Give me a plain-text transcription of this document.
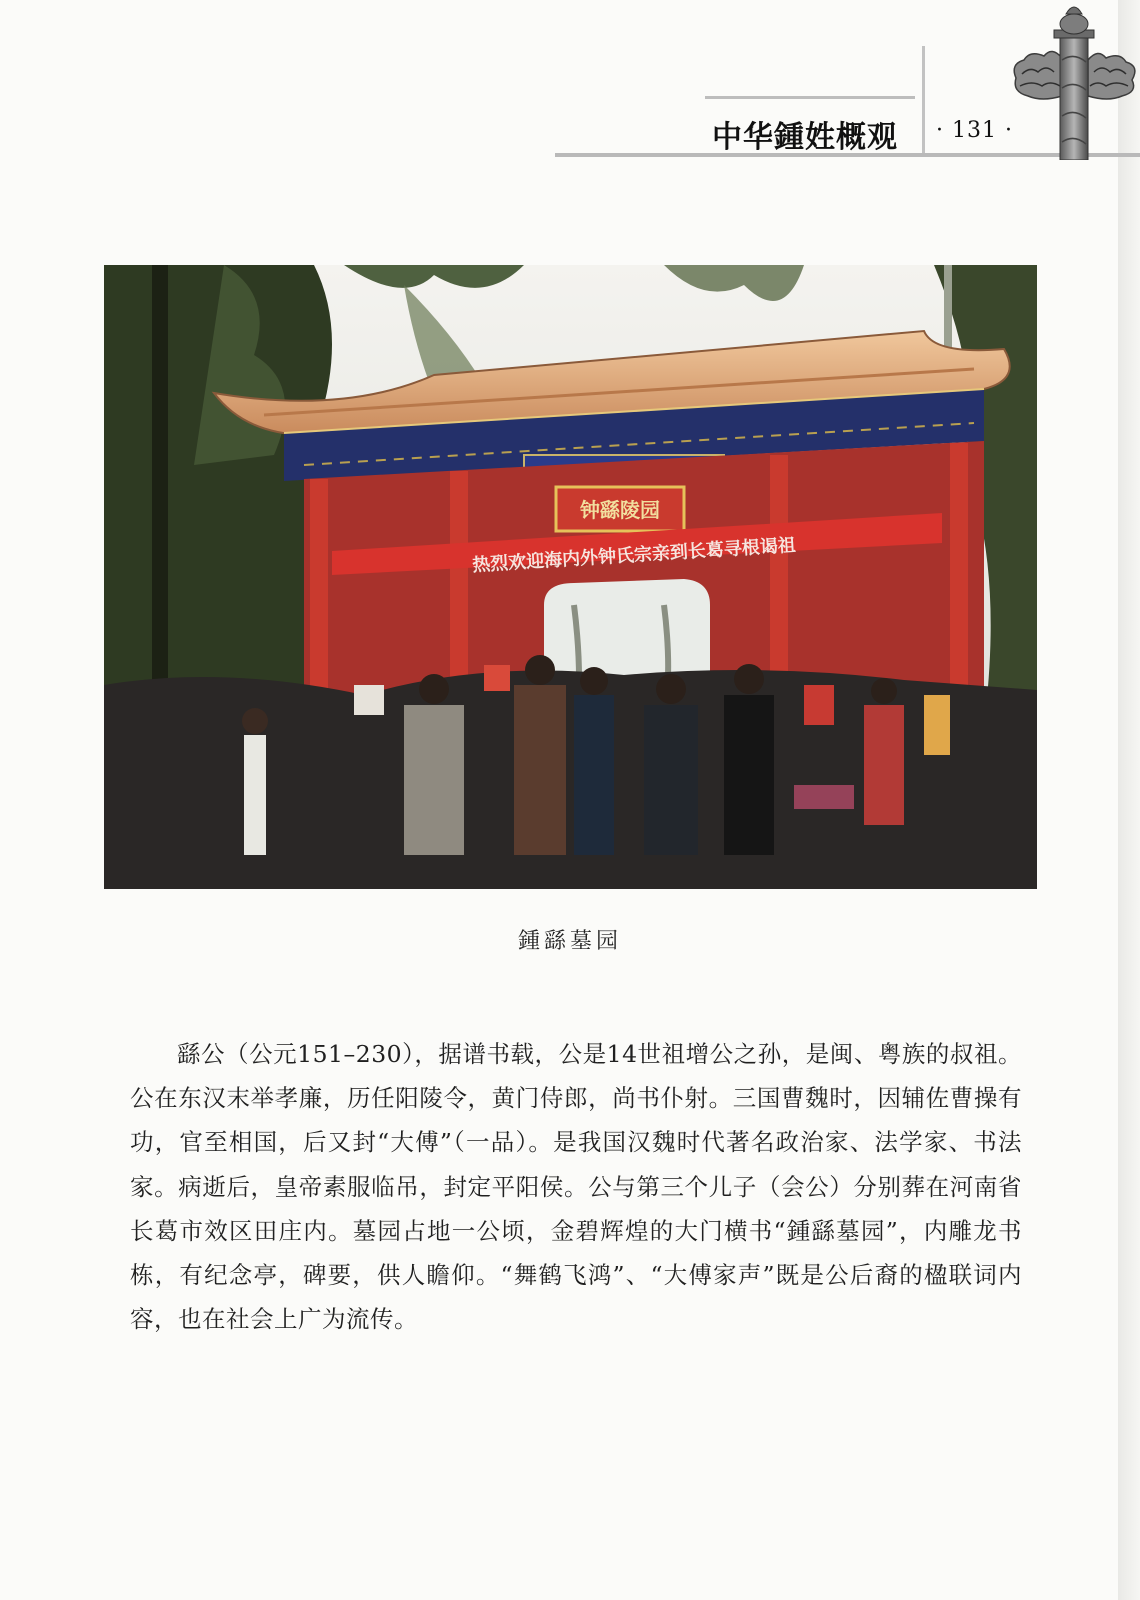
中华鍾姓概观 · 131 ·
钟繇陵园
热烈欢迎海内外钟氏宗亲到长葛寻根谒祖
鍾繇墓园
繇公（公元151–230），据谱书载，公是14世祖增公之孙，是闽、粤族的叔祖。公在东汉末举孝廉，历任阳陵令，黄门侍郎，尚书仆射。三国曹魏时，因辅佐曹操有功，官至相国，后又封“大傅”（一品）。是我国汉魏时代著名政治家、法学家、书法家。病逝后，皇帝素服临吊，封定平阳侯。公与第三个儿子（会公）分别葬在河南省长葛市效区田庄内。墓园占地一公顷，金碧辉煌的大门横书“鍾繇墓园”，内雕龙书栋，有纪念亭，碑要，供人瞻仰。“舞鹤飞鸿”、“大傅家声”既是公后裔的楹联词内容，也在社会上广为流传。
